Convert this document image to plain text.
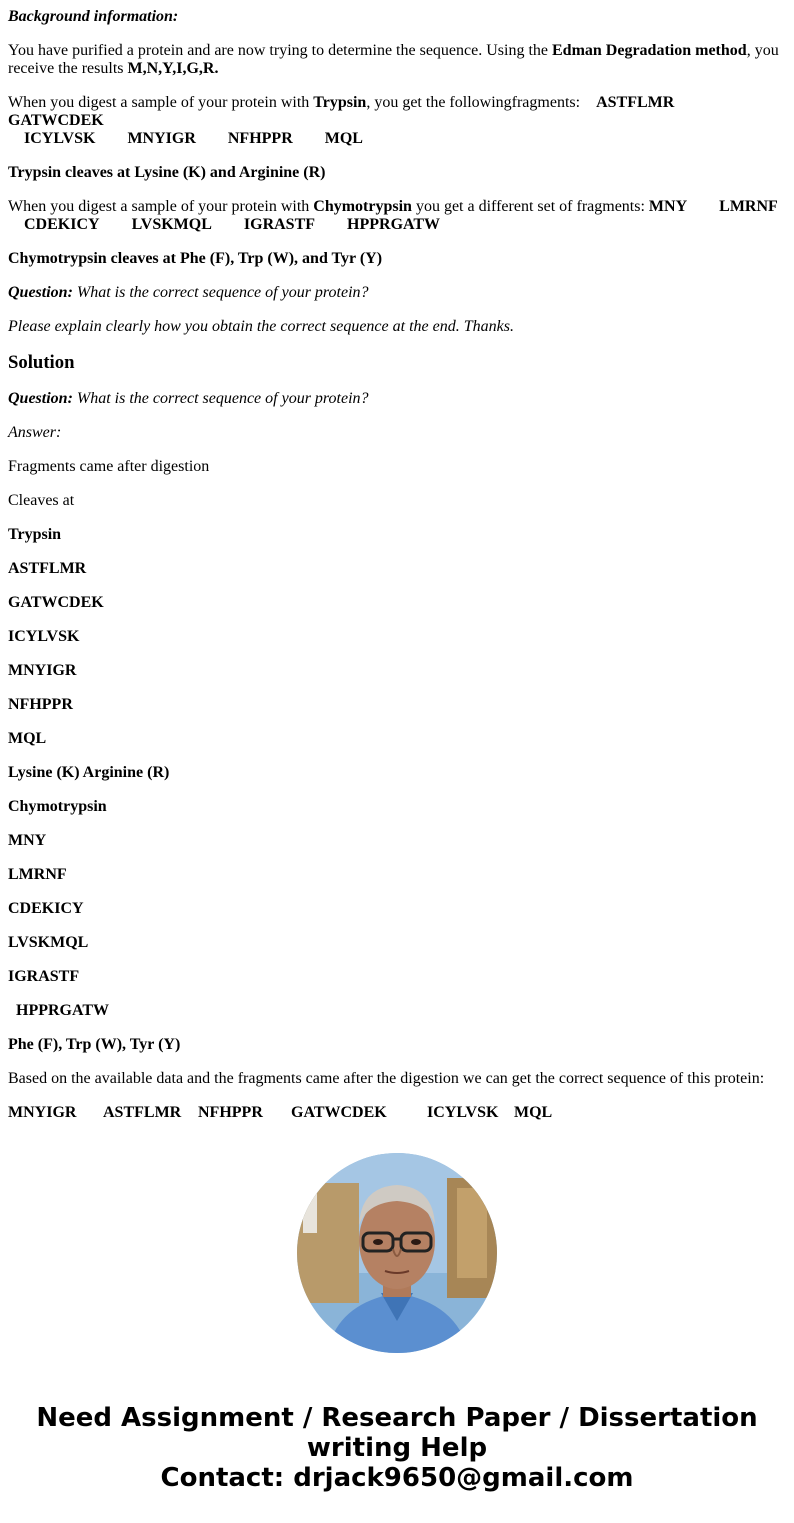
Background information:

You have purified a protein and are now trying to determine the sequence. Using the Edman Degradation method, you receive the results M,N,Y,I,G,R.

When you digest a sample of your protein with Trypsin, you get the followingfragments: ASTFLMRGATWCDEK
ICYLVSK MNYIGR NFHPPR MQL

Trypsin cleaves at Lysine (K) and Arginine (R)

When you digest a sample of your protein with Chymotrypsin you get a different set of fragments: MNY LMRNF
CDEKICY LVSKMQL IGRASTF HPPRGATW

Chymotrypsin cleaves at Phe (F), Trp (W), and Tyr (Y)

Question: What is the correct sequence of your protein?

Please explain clearly how you obtain the correct sequence at the end. Thanks.

Solution

Question: What is the correct sequence of your protein?

Answer:

Fragments came after digestion

Cleaves at

Trypsin

ASTFLMR

GATWCDEK

ICYLVSK

MNYIGR

NFHPPR

MQL

Lysine (K) Arginine (R)

Chymotrypsin

MNY

LMRNF

CDEKICY

LVSKMQL

IGRASTF

HPPRGATW

Phe (F), Trp (W), Tyr (Y)

Based on the available data and the fragments came after the digestion we can get the correct sequence of this protein:

MNYIGR ASTFLMR NFHPPR GATWCDEK	ICYLVSK MQL

Need Assignment / Research Paper / Dissertation
writing Help
Contact: drjack9650@gmail.com
